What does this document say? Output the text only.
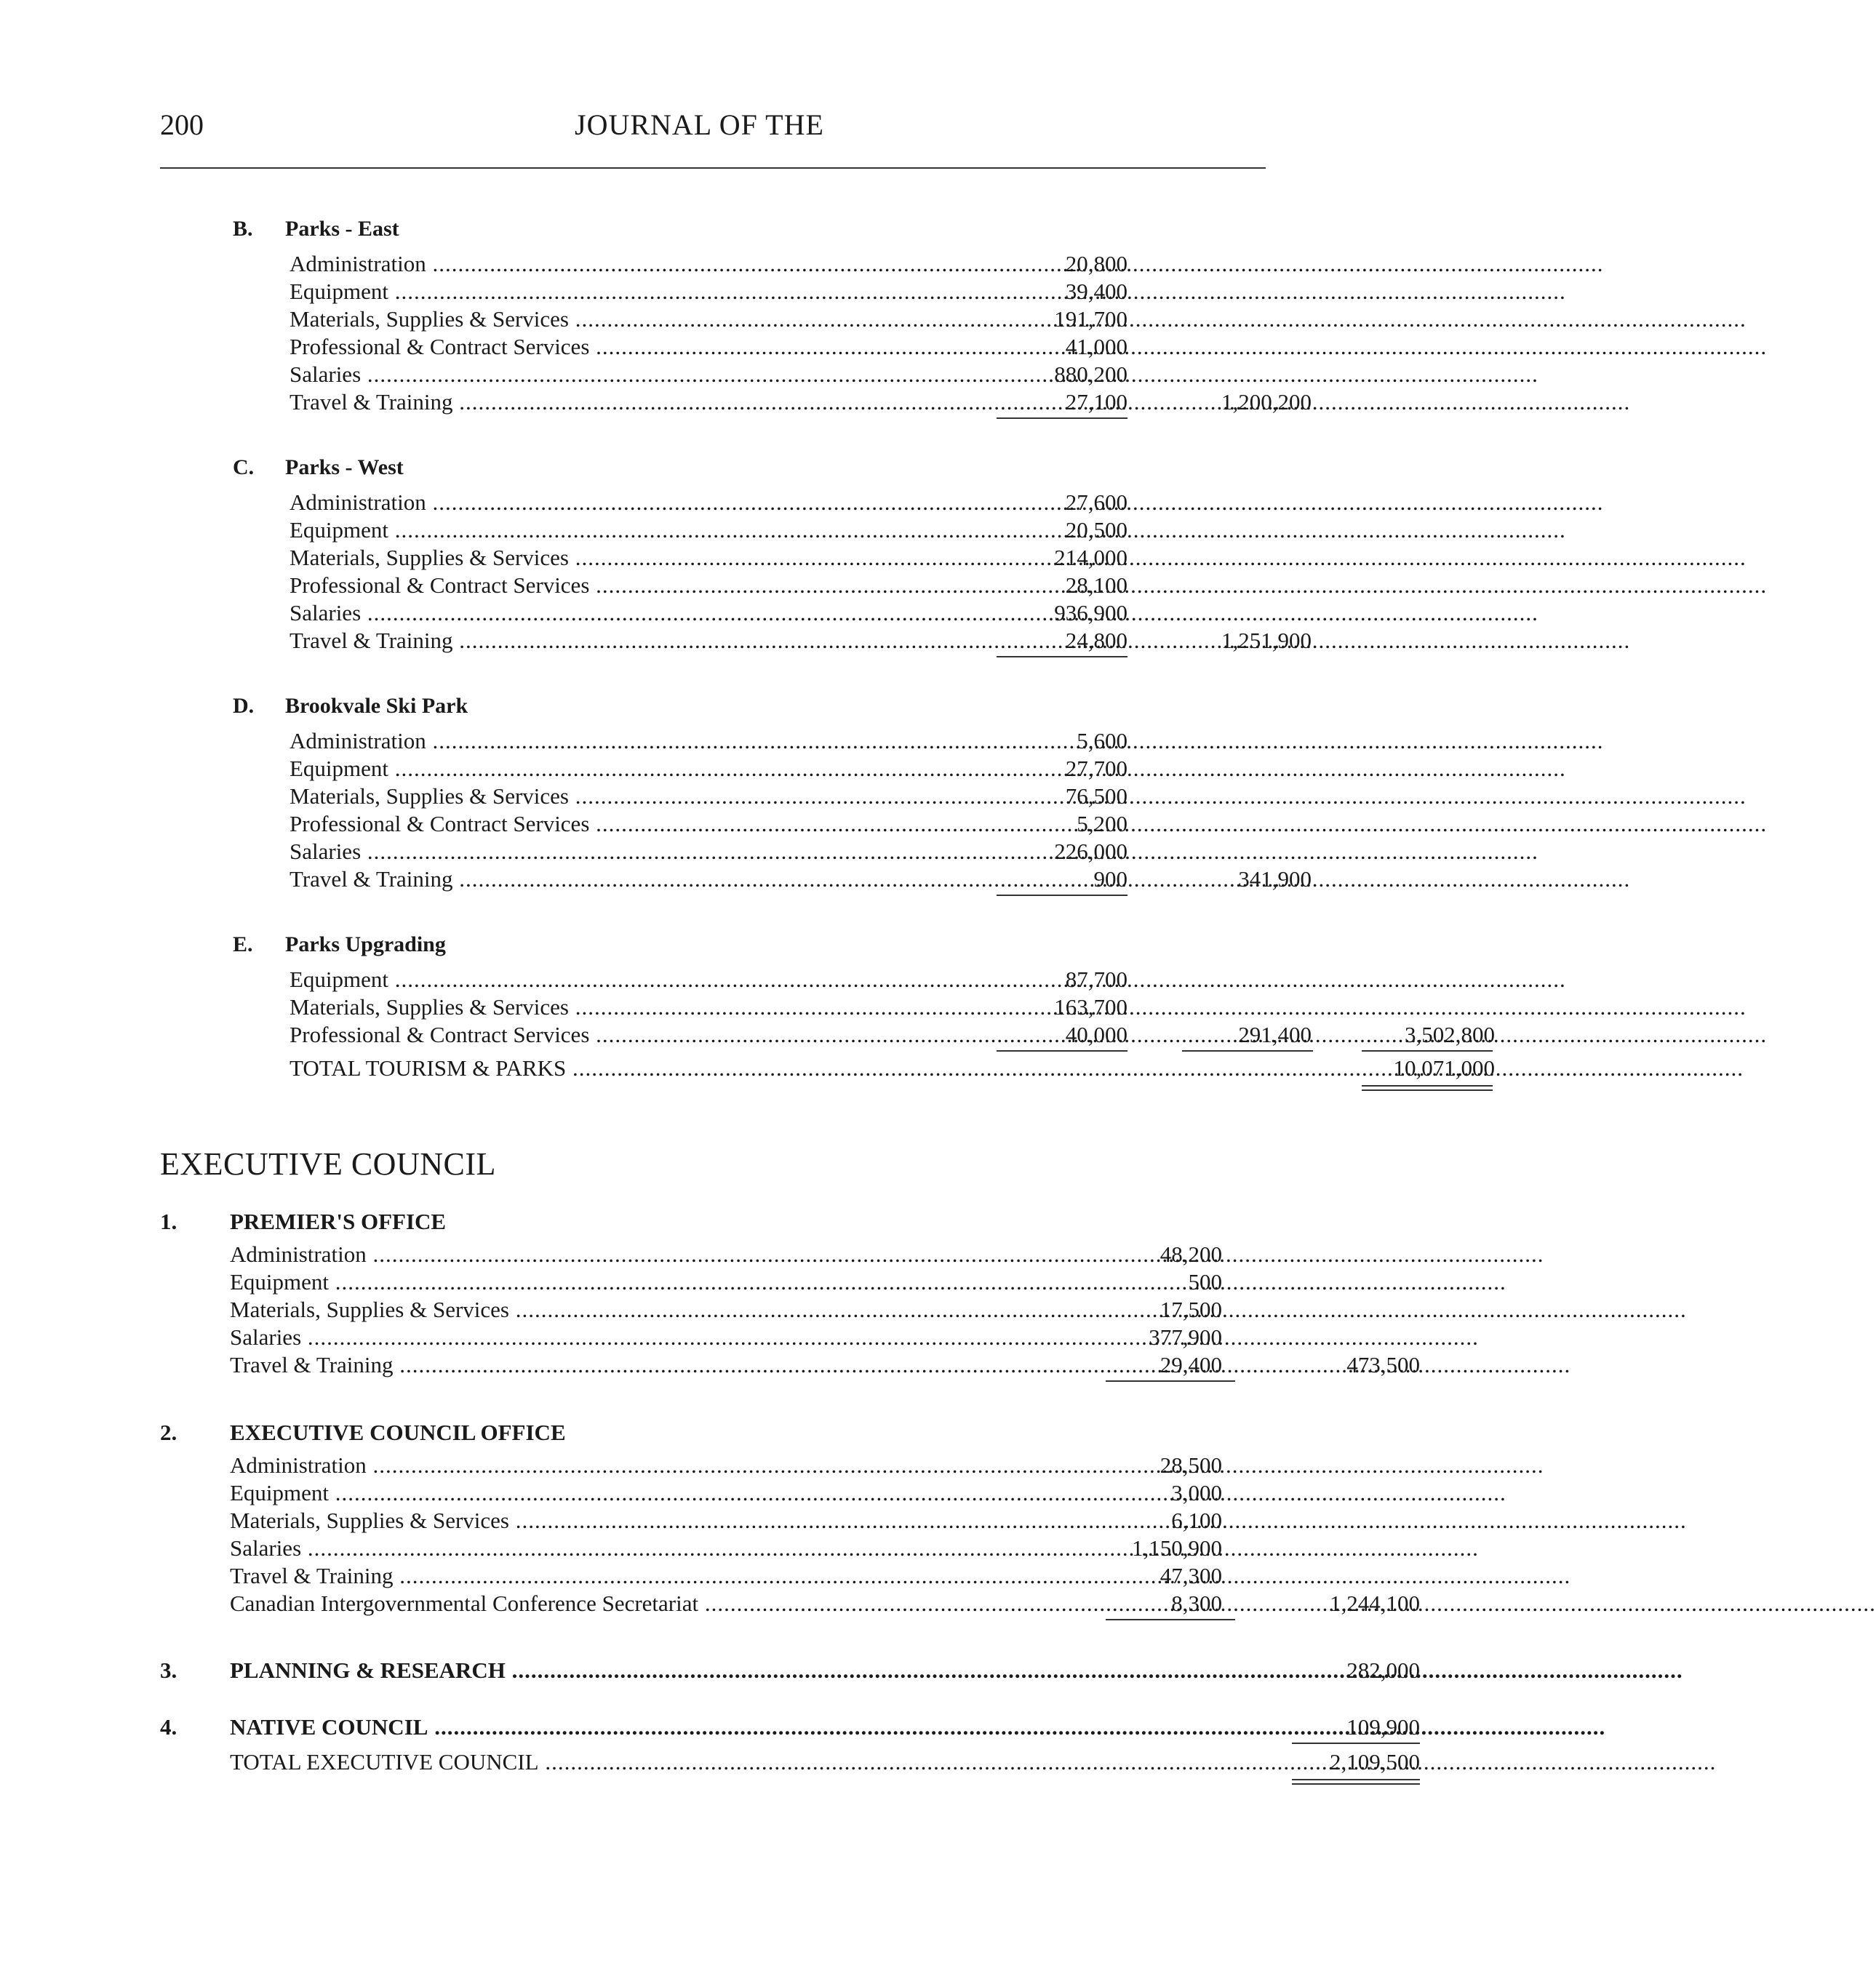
200	JOURNAL OF THE
B. Parks - East
Administration .....	20,800
Equipment .....	39,400
Materials, Supplies & Services .....	191,700
Professional & Contract Services .....	41,000
Salaries .....	880,200
Travel & Training .....	27,100	1,200,200
C. Parks - West
Administration .....	27,600
Equipment .....	20,500
Materials, Supplies & Services .....	214,000
Professional & Contract Services .....	28,100
Salaries .....	936,900
Travel & Training .....	24,800	1,251,900
D. Brookvale Ski Park
Administration .....	5,600
Equipment .....	27,700
Materials, Supplies & Services .....	76,500
Professional & Contract Services .....	5,200
Salaries .....	226,000
Travel & Training .....	900	341,900
E. Parks Upgrading
Equipment .....	87,700
Materials, Supplies & Services .....	163,700
Professional & Contract Services .....	40,000	291,400	3,502,800
TOTAL TOURISM & PARKS .....	10,071,000
EXECUTIVE COUNCIL
1. PREMIER'S OFFICE
Administration .....	48,200
Equipment .....	500
Materials, Supplies & Services .....	17,500
Salaries .....	377,900
Travel & Training .....	29,400	473,500
2. EXECUTIVE COUNCIL OFFICE
Administration .....	28,500
Equipment .....	3,000
Materials, Supplies & Services .....	6,100
Salaries .....	1,150,900
Travel & Training .....	47,300
Canadian Intergovernmental Conference Secretariat .....	8,300	1,244,100
3. PLANNING & RESEARCH .....	282,000
4. NATIVE COUNCIL .....	109,900
TOTAL EXECUTIVE COUNCIL .....	2,109,500
